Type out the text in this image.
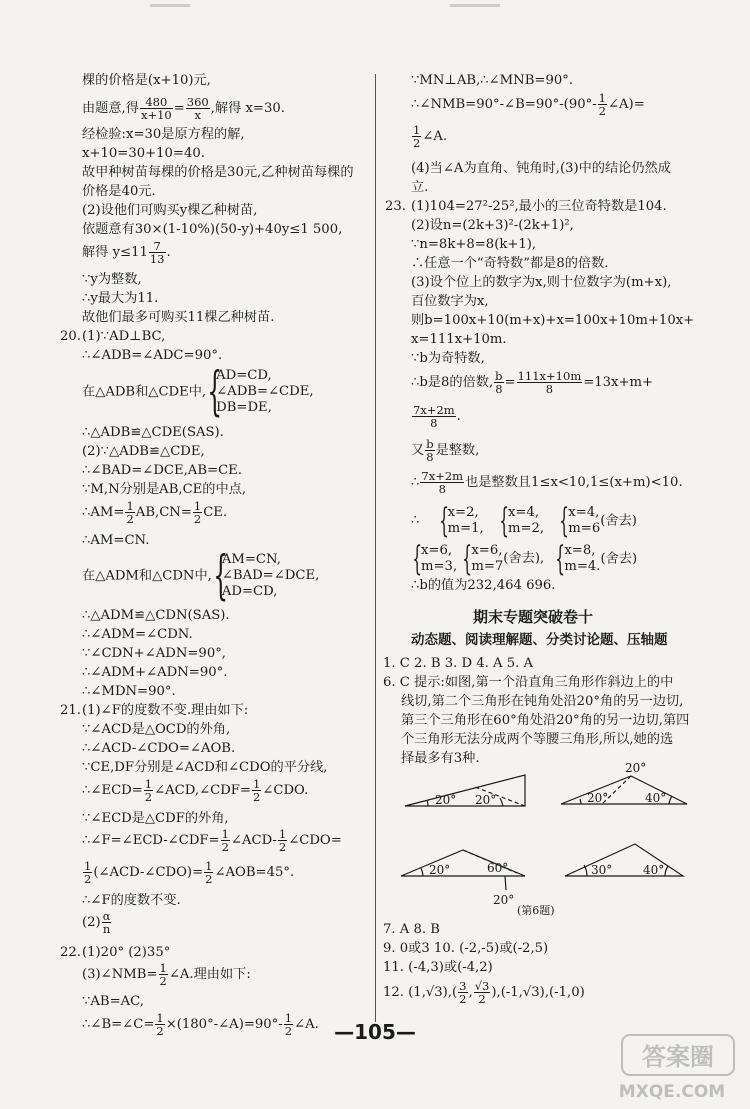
棵的价格是(x+10)元,
由题意,得 $\frac{480}{x+10} = \frac{360}{x}$ ,解得 x=30.
经检验:x=30是原方程的解,
x+10=30+10=40.
故甲种树苗每棵的价格是30元,乙种树苗每棵的
价格是40元.
(2)设他们可购买y棵乙种树苗,
依题意有30×(1-10%)(50-y)+40y≤1 500,
解得 $y\le 11 \frac{7}{13}$ .
∵y为整数,
∴y最大为11.
故他们最多可购买11棵乙种树苗.
20. (1)∵AD⊥BC,
∴∠ADB=∠ADC=90°.
在△ADB和△CDE中,{
AD=CD,
∠ADB=∠CDE,
DB=DE,
∴△ADB≌△CDE(SAS).
(2)∵△ADB≌△CDE,
∴∠BAD=∠DCE,AB=CE.
∵M,N分别是AB,CE的中点,
∴AM= $\frac{1}{2} AB,CN= \frac{1}{2}$ CE.
∴AM=CN.
在△ADM和△CDN中,{
AM=CN,
∠BAD=∠DCE,
AD=CD,
∴△ADM≌△CDN(SAS).
∴∠ADM=∠CDN.
∵∠CDN+∠ADN=90°,
∴∠ADM+∠ADN=90°.
∴∠MDN=90°.
21. (1)∠F的度数不变.理由如下:
∵∠ACD是△OCD的外角,
∴∠ACD-∠CDO=∠AOB.
∵CE,DF分别是∠ACD和∠CDO的平分线,
∴∠ECD= $\frac{1}{2}$ ∠ACD,∠CDF= $\frac{1}{2}$ ∠CDO.
∵∠ECD是△CDF的外角,
∴∠F=∠ECD-∠CDF= $\frac{1}{2}$ ∠ACD- $\frac{1}{2}$ ∠CDO=
$\frac{1}{2}$ (∠ACD-∠CDO)= $\frac{1}{2}$ ∠AOB=45°.
∴∠F的度数不变.
$(2) \frac{\alpha}{n}$
22. (1)20° (2)35°
(3)∠NMB= $\frac{1}{2}$ ∠A.理由如下:
∵AB=AC,
∴∠B=∠C= $\frac{1}{2}$ ×(180°-∠A)=90°- $\frac{1}{2}$ ∠A.
∵MN⊥AB,∴∠MNB=90°.
∴∠NMB=90°-∠B=90°-(90°- $\frac{1}{2}$ ∠A)=
$\frac{1}{2}$ ∠A.
(4)当∠A为直角、钝角时,(3)中的结论仍然成
立.
23. (1)104=27²-25²,最小的三位奇特数是104.
(2)设n=(2k+3)²-(2k+1)²,
∵n=8k+8=8(k+1),
∴任意一个“奇特数”都是8的倍数.
(3)设个位上的数字为x,则十位数字为(m+x),
百位数字为x,
则b=100x+10(m+x)+x=100x+10m+10x+
x=111x+10m.
∵b为奇特数,
∴b是8的倍数, $\frac{b}{8} = \frac{111x+10m}{8} =13x+m+$
$\frac{7x+2m}{8}$ .
又 $\frac{b}{8}$ 是整数,
∴ $\frac{7x+2m}{8}$ 也是整数且1≤x<10,1≤(x+m)<10.
∴ {
x=2,
m=1, {
x=4,
m=2, {
x=4,
m=6
(舍去)
{
x=6,
m=3, {
x=6,
m=7
(舍去), {
x=8,
m=4.
(舍去)
∴b的值为232,464 696.
期末专题突破卷十
动态题、阅读理解题、分类讨论题、压轴题
1. C 2. B 3. D 4. A 5. A
6. C 提示:如图,第一个沿直角三角形作斜边上的中
线切,第二个三角形在钝角处沿20°角的另一边切,
第三个三角形在60°角处沿20°角的另一边切,第四
个三角形无法分成两个等腰三角形,所以,她的选
择最多有3种.
20° 20°
20°
20°	40°
20°	60°
20°
30°	40°
(第6题)
7. A 8. B
9. 0或3 10. (-2,-5)或(-2,5)
11. (-4,3)或(-4,2)
12. $(1,√3),( \frac{3}{2}$ , $\frac{√3}{2} ),(-1,√3),(-1,0)$
—105—
答案圈
MXQE.COM
